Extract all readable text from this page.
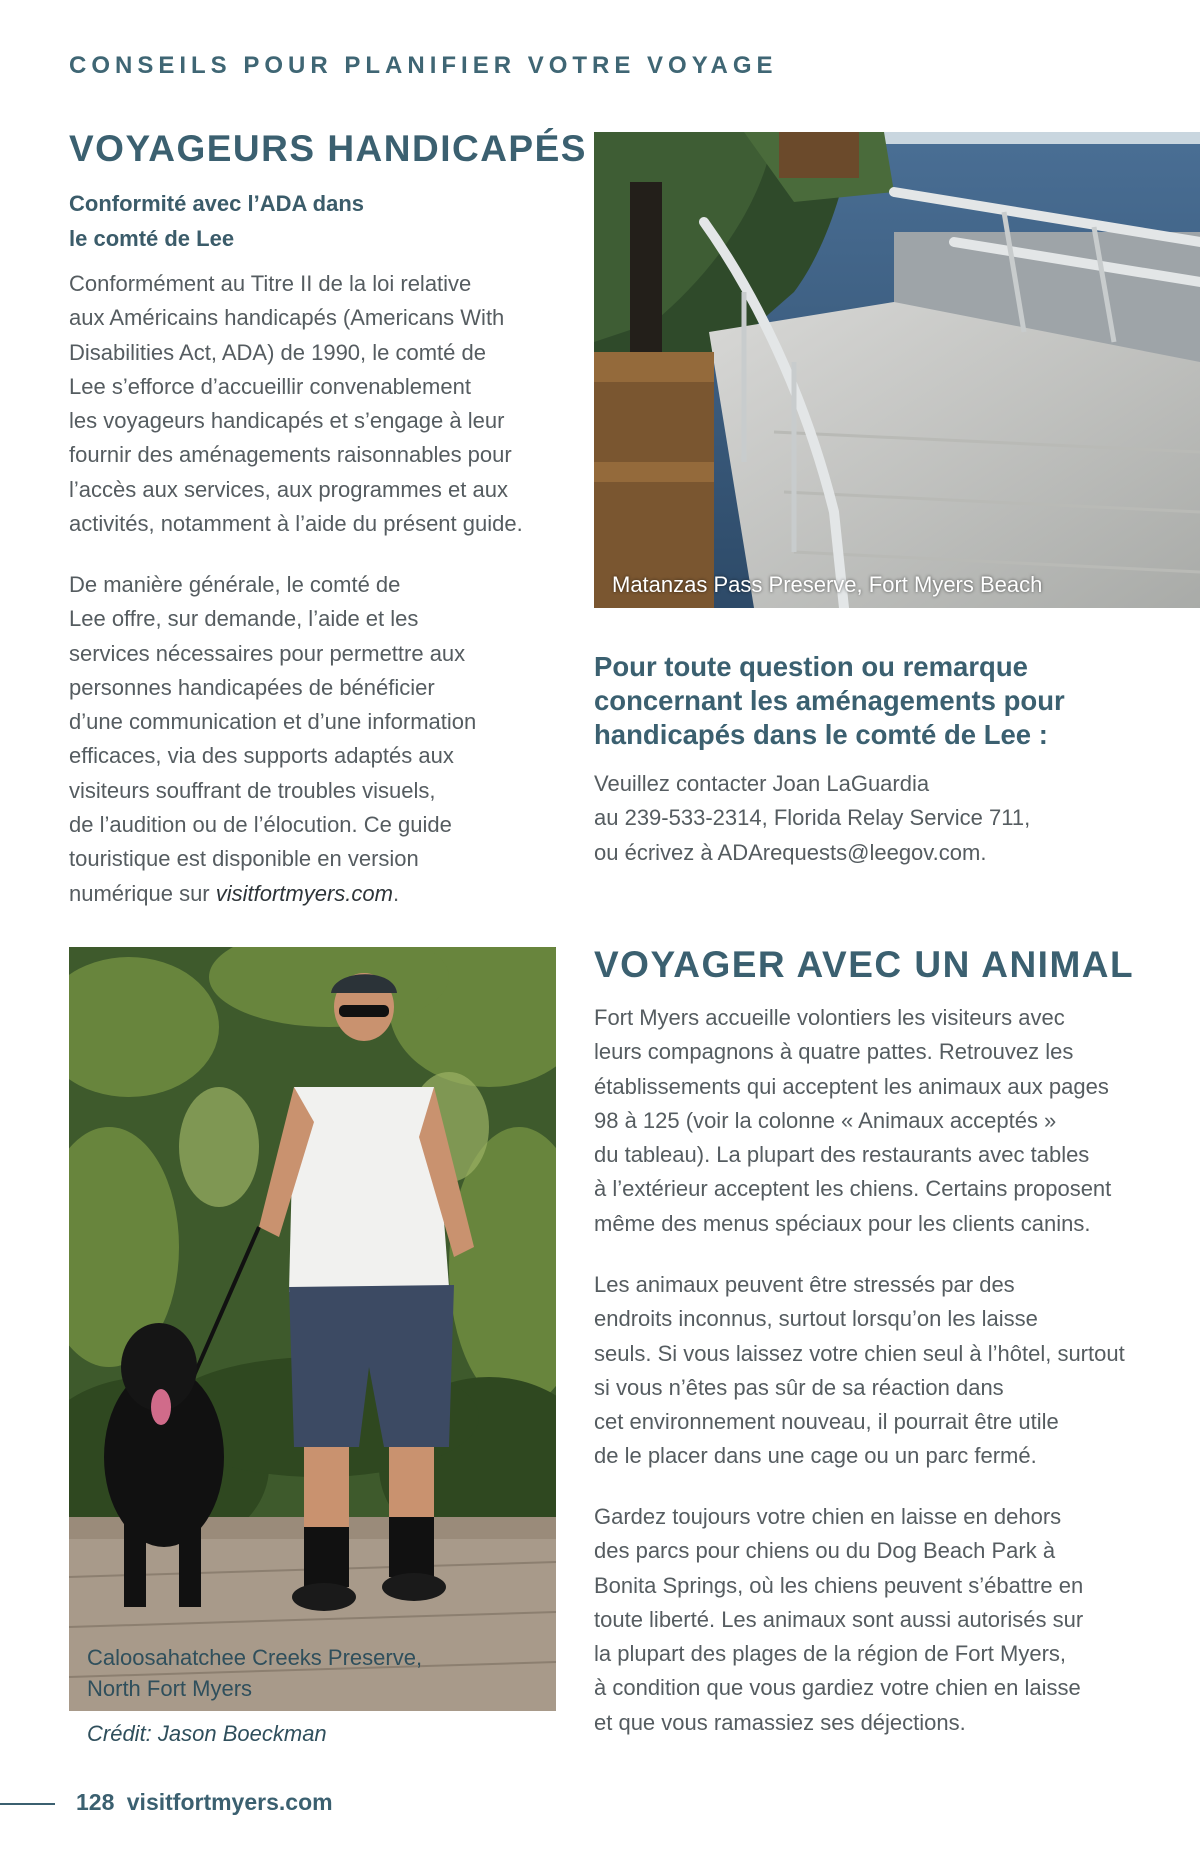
CONSEILS POUR PLANIFIER VOTRE VOYAGE
VOYAGEURS HANDICAPÉS
Conformité avec l’ADA dans
le comté de Lee

Conformément au Titre II de la loi relative

aux Américains handicapés (Americans With

Disabilities Act, ADA) de 1990, le comté de

Lee s’efforce d’accueillir convenablement

les voyageurs handicapés et s’engage à leur

fournir des aménagements raisonnables pour

l’accès aux services, aux programmes et aux

activités, notamment à l’aide du présent guide.

De manière générale, le comté de

Lee offre, sur demande, l’aide et les

services nécessaires pour permettre aux

personnes handicapées de bénéficier

d’une communication et d’une information

efficaces, via des supports adaptés aux

visiteurs souffrant de troubles visuels,

de l’audition ou de l’élocution. Ce guide

touristique est disponible en version

numérique sur visitfortmyers.com.

Matanzas Pass Preserve, Fort Myers Beach
Pour toute question ou remarque
concernant les aménagements pour
handicapés dans le comté de Lee :

Veuillez contacter Joan LaGuardia

au 239-533-2314, Florida Relay Service 711,

ou écrivez à ADArequests@leegov.com.

Caloosahatchee Creeks Preserve,
North Fort Myers
Crédit: Jason Boeckman
VOYAGER AVEC UN ANIMAL

Fort Myers accueille volontiers les visiteurs avec

leurs compagnons à quatre pattes. Retrouvez les

établissements qui acceptent les animaux aux pages

98 à 125 (voir la colonne « Animaux acceptés »

du tableau). La plupart des restaurants avec tables

à l’extérieur acceptent les chiens. Certains proposent

même des menus spéciaux pour les clients canins.

Les animaux peuvent être stressés par des

endroits inconnus, surtout lorsqu’on les laisse

seuls. Si vous laissez votre chien seul à l’hôtel, surtout

si vous n’êtes pas sûr de sa réaction dans

cet environnement nouveau, il pourrait être utile

de le placer dans une cage ou un parc fermé.

Gardez toujours votre chien en laisse en dehors

des parcs pour chiens ou du Dog Beach Park à

Bonita Springs, où les chiens peuvent s’ébattre en

toute liberté. Les animaux sont aussi autorisés sur

la plupart des plages de la région de Fort Myers,

à condition que vous gardiez votre chien en laisse

et que vous ramassiez ses déjections.

128 visitfortmyers.com
